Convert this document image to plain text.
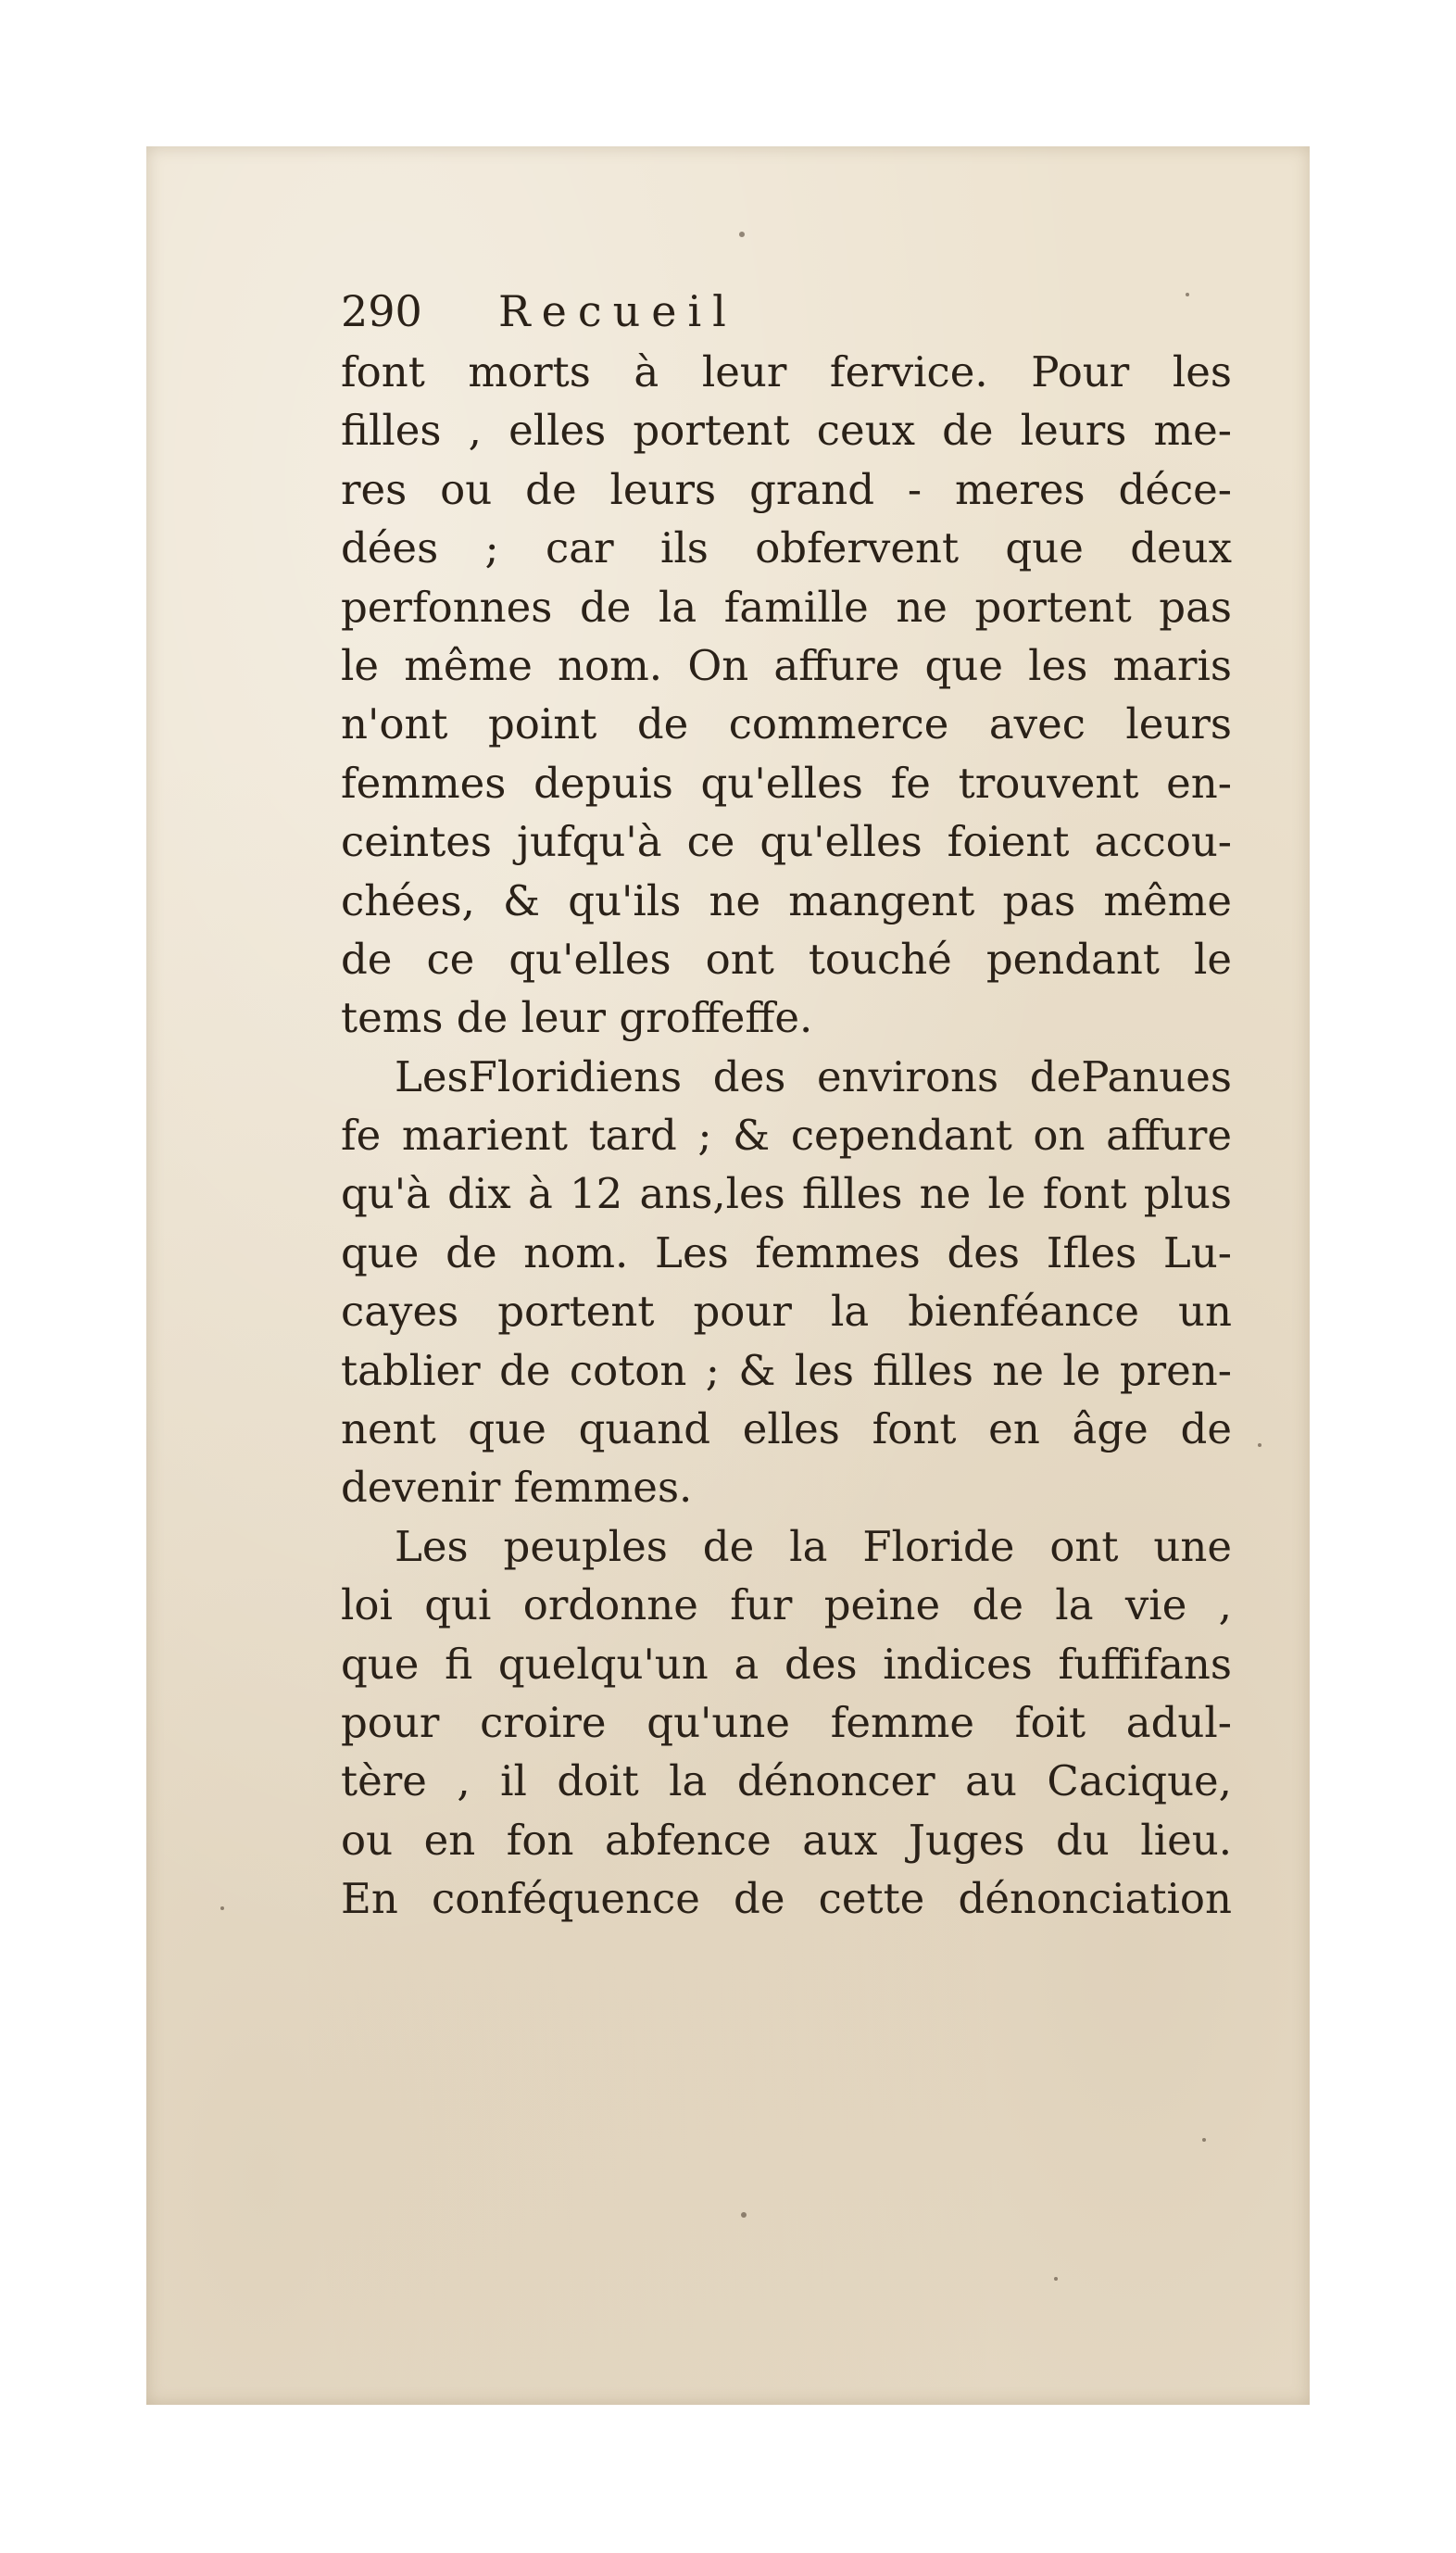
290 Recueil
font morts à leur fervice. Pour les
filles , elles portent ceux de leurs me-
res ou de leurs grand - meres déce-
dées ; car ils obfervent que deux
perfonnes de la famille ne portent pas
le même nom. On affure que les maris
n'ont point de commerce avec leurs
femmes depuis qu'elles fe trouvent en-
ceintes jufqu'à ce qu'elles foient accou-
chées, & qu'ils ne mangent pas même
de ce qu'elles ont touché pendant le
tems de leur groffeffe.
LesFloridiens des environs dePanues
fe marient tard ; & cependant on affure
qu'à dix à 12 ans,les filles ne le font plus
que de nom. Les femmes des Ifles Lu-
cayes portent pour la bienféance un
tablier de coton ; & les filles ne le pren-
nent que quand elles font en âge de
devenir femmes.
Les peuples de la Floride ont une
loi qui ordonne fur peine de la vie ,
que fi quelqu'un a des indices fuffifans
pour croire qu'une femme foit adul-
tère , il doit la dénoncer au Cacique,
ou en fon abfence aux Juges du lieu.
En conféquence de cette dénonciation
